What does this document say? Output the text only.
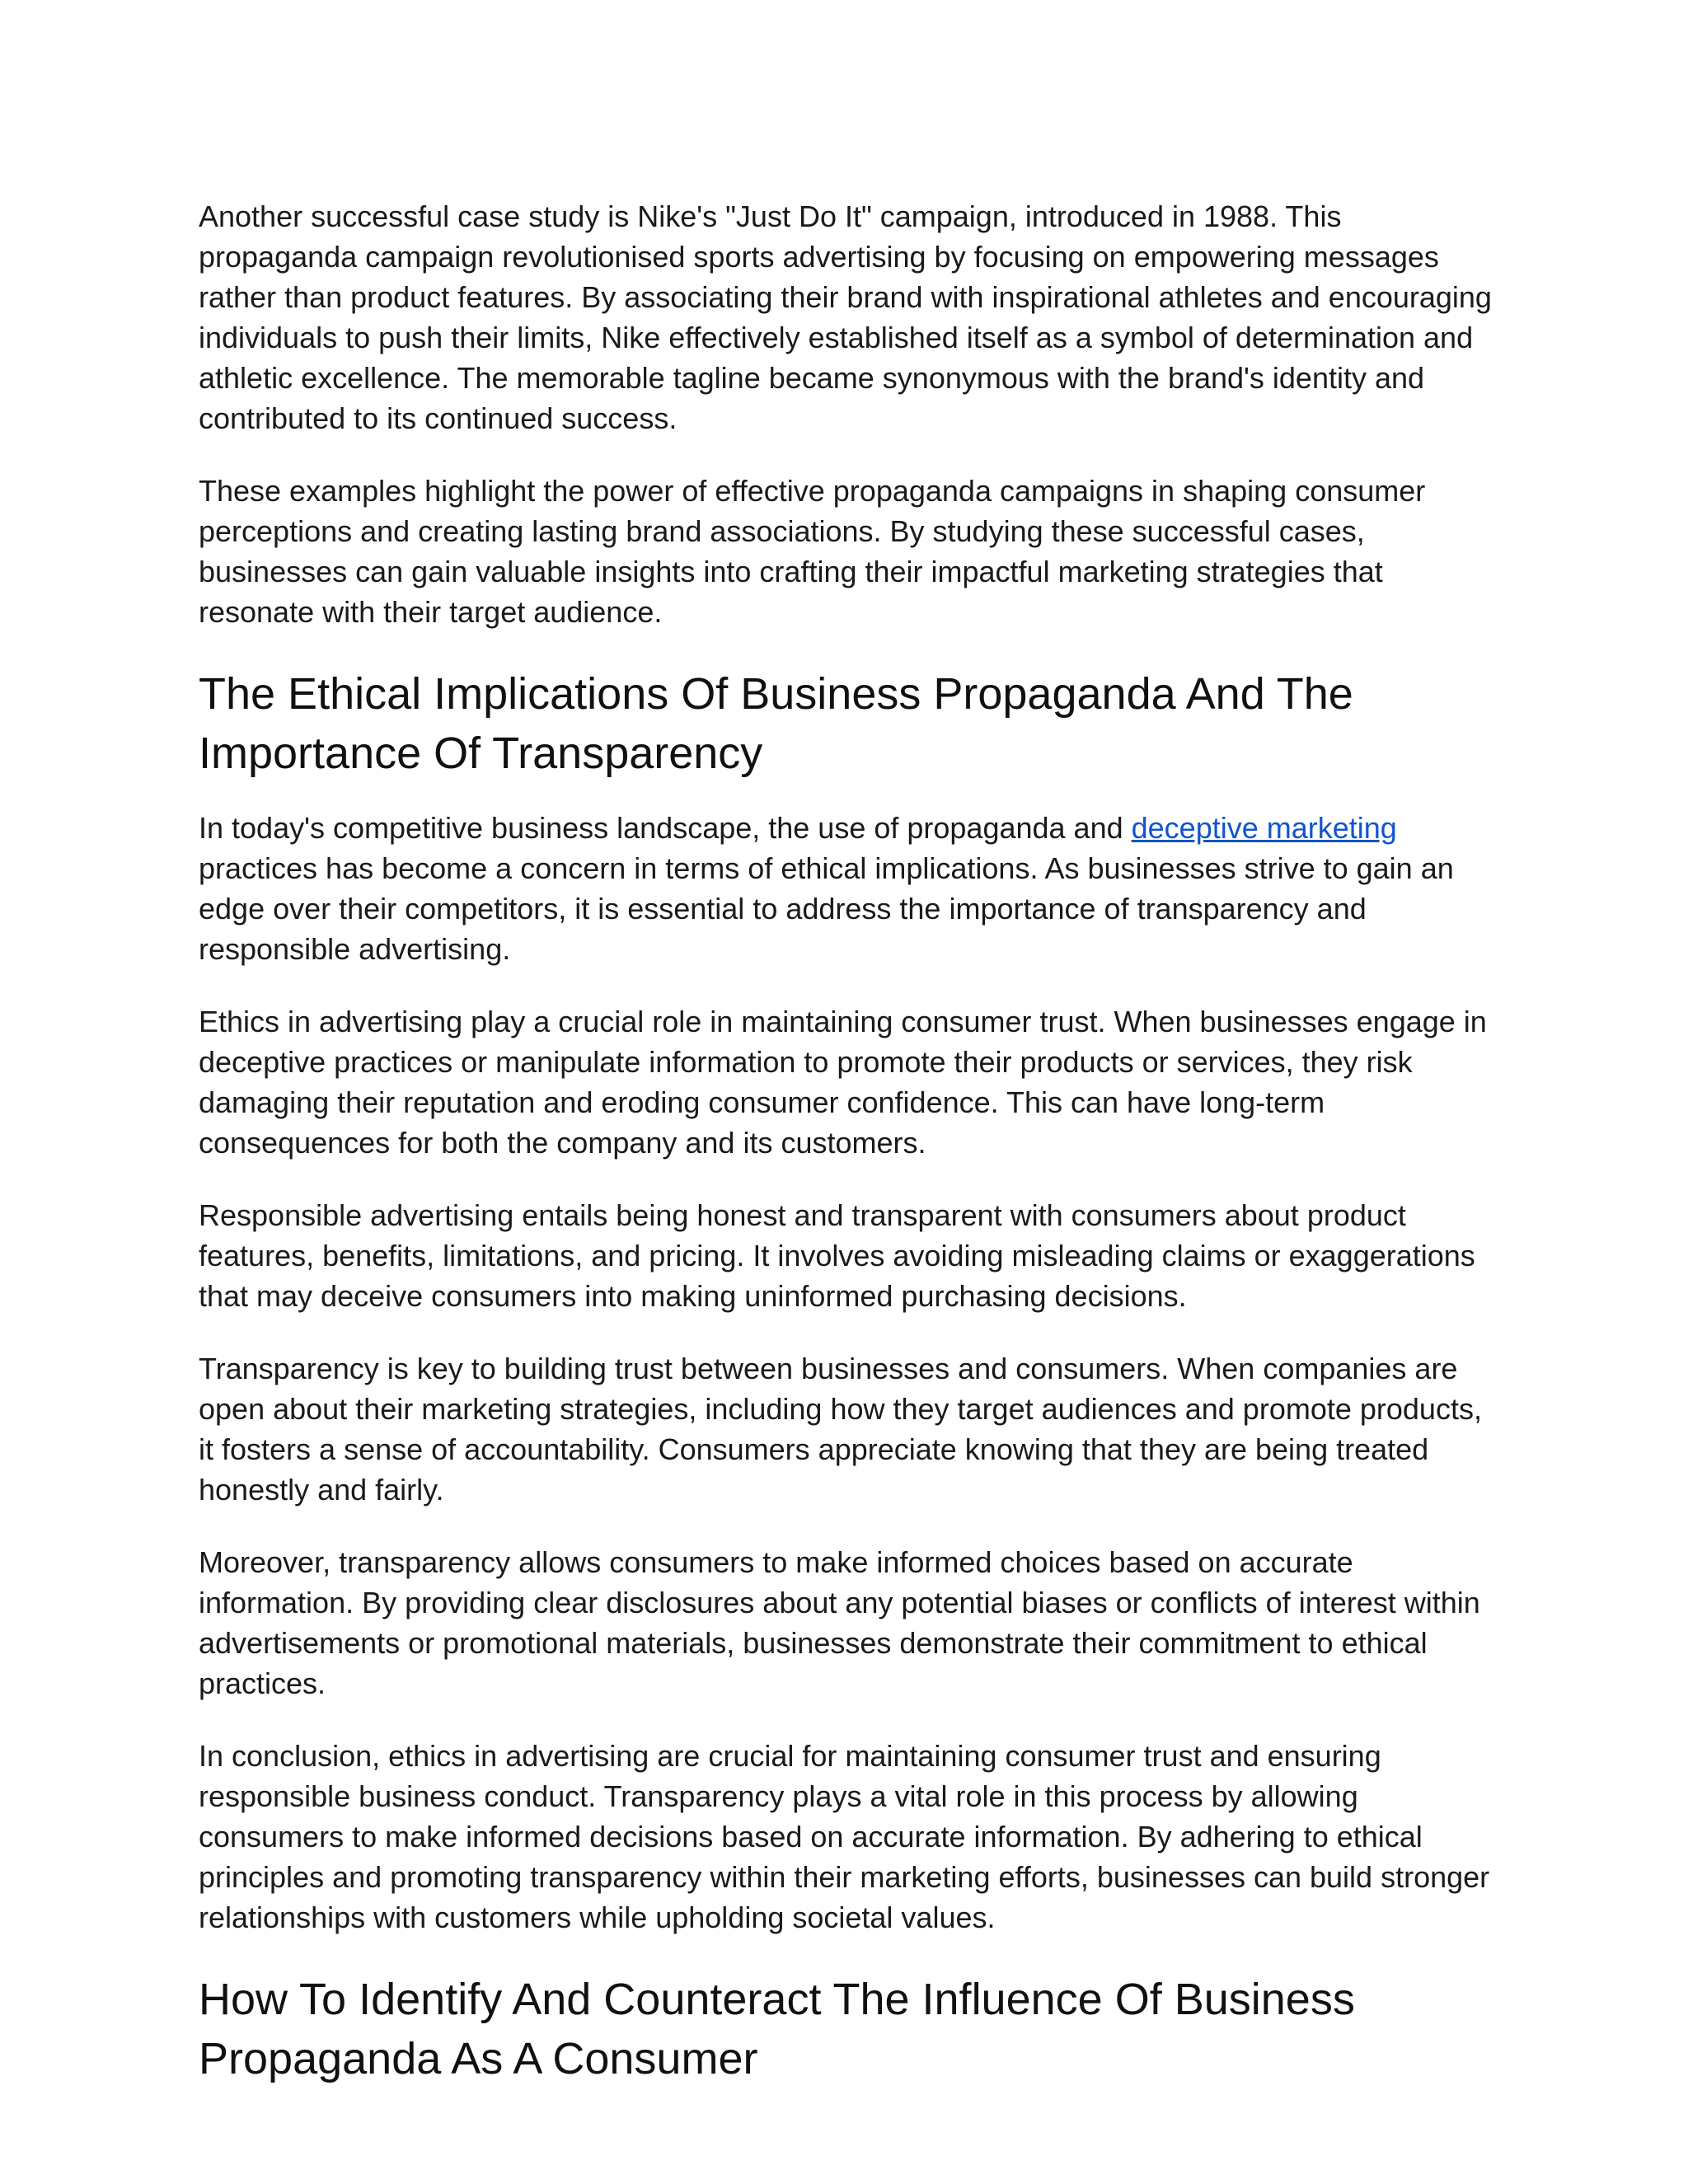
Another successful case study is Nike's "Just Do It" campaign, introduced in 1988. This propaganda campaign revolutionised sports advertising by focusing on empowering messages rather than product features. By associating their brand with inspirational athletes and encouraging individuals to push their limits, Nike effectively established itself as a symbol of determination and athletic excellence. The memorable tagline became synonymous with the brand's identity and contributed to its continued success.

These examples highlight the power of effective propaganda campaigns in shaping consumer perceptions and creating lasting brand associations. By studying these successful cases, businesses can gain valuable insights into crafting their impactful marketing strategies that resonate with their target audience.

The Ethical Implications Of Business Propaganda And The Importance Of Transparency

In today's competitive business landscape, the use of propaganda and deceptive marketing practices has become a concern in terms of ethical implications. As businesses strive to gain an edge over their competitors, it is essential to address the importance of transparency and responsible advertising.

Ethics in advertising play a crucial role in maintaining consumer trust. When businesses engage in deceptive practices or manipulate information to promote their products or services, they risk damaging their reputation and eroding consumer confidence. This can have long-term consequences for both the company and its customers.

Responsible advertising entails being honest and transparent with consumers about product features, benefits, limitations, and pricing. It involves avoiding misleading claims or exaggerations that may deceive consumers into making uninformed purchasing decisions.

Transparency is key to building trust between businesses and consumers. When companies are open about their marketing strategies, including how they target audiences and promote products, it fosters a sense of accountability. Consumers appreciate knowing that they are being treated honestly and fairly.

Moreover, transparency allows consumers to make informed choices based on accurate information. By providing clear disclosures about any potential biases or conflicts of interest within advertisements or promotional materials, businesses demonstrate their commitment to ethical practices.

In conclusion, ethics in advertising are crucial for maintaining consumer trust and ensuring responsible business conduct. Transparency plays a vital role in this process by allowing consumers to make informed decisions based on accurate information. By adhering to ethical principles and promoting transparency within their marketing efforts, businesses can build stronger relationships with customers while upholding societal values.

How To Identify And Counteract The Influence Of Business Propaganda As A Consumer
